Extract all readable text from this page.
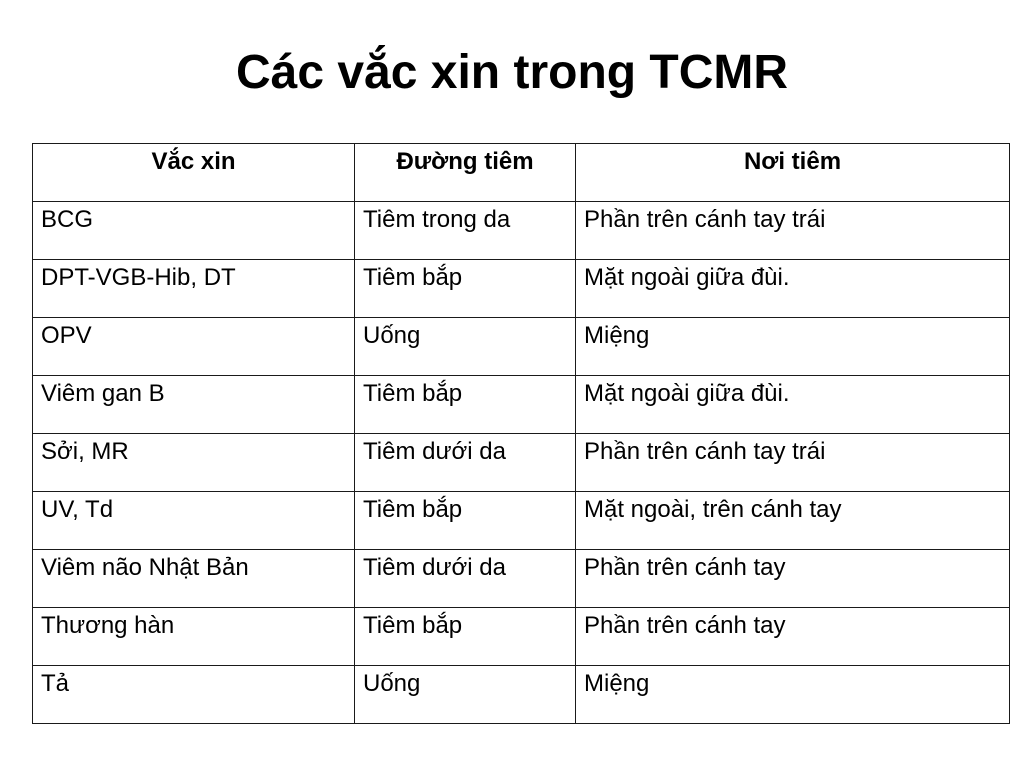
Các vắc xin trong TCMR
Vắc xin	Đường tiêm	Nơi tiêm
BCG	Tiêm trong da	Phần trên cánh tay trái
DPT-VGB-Hib, DT	Tiêm bắp	Mặt ngoài giữa đùi.
OPV	Uống	Miệng
Viêm gan B	Tiêm bắp	Mặt ngoài giữa đùi.
Sởi, MR	Tiêm dưới da	Phần trên cánh tay trái
UV, Td	Tiêm bắp	Mặt ngoài, trên cánh tay
Viêm não Nhật Bản	Tiêm dưới da	Phần trên cánh tay
Thương hàn	Tiêm bắp	Phần trên cánh tay
Tả	Uống	Miệng
